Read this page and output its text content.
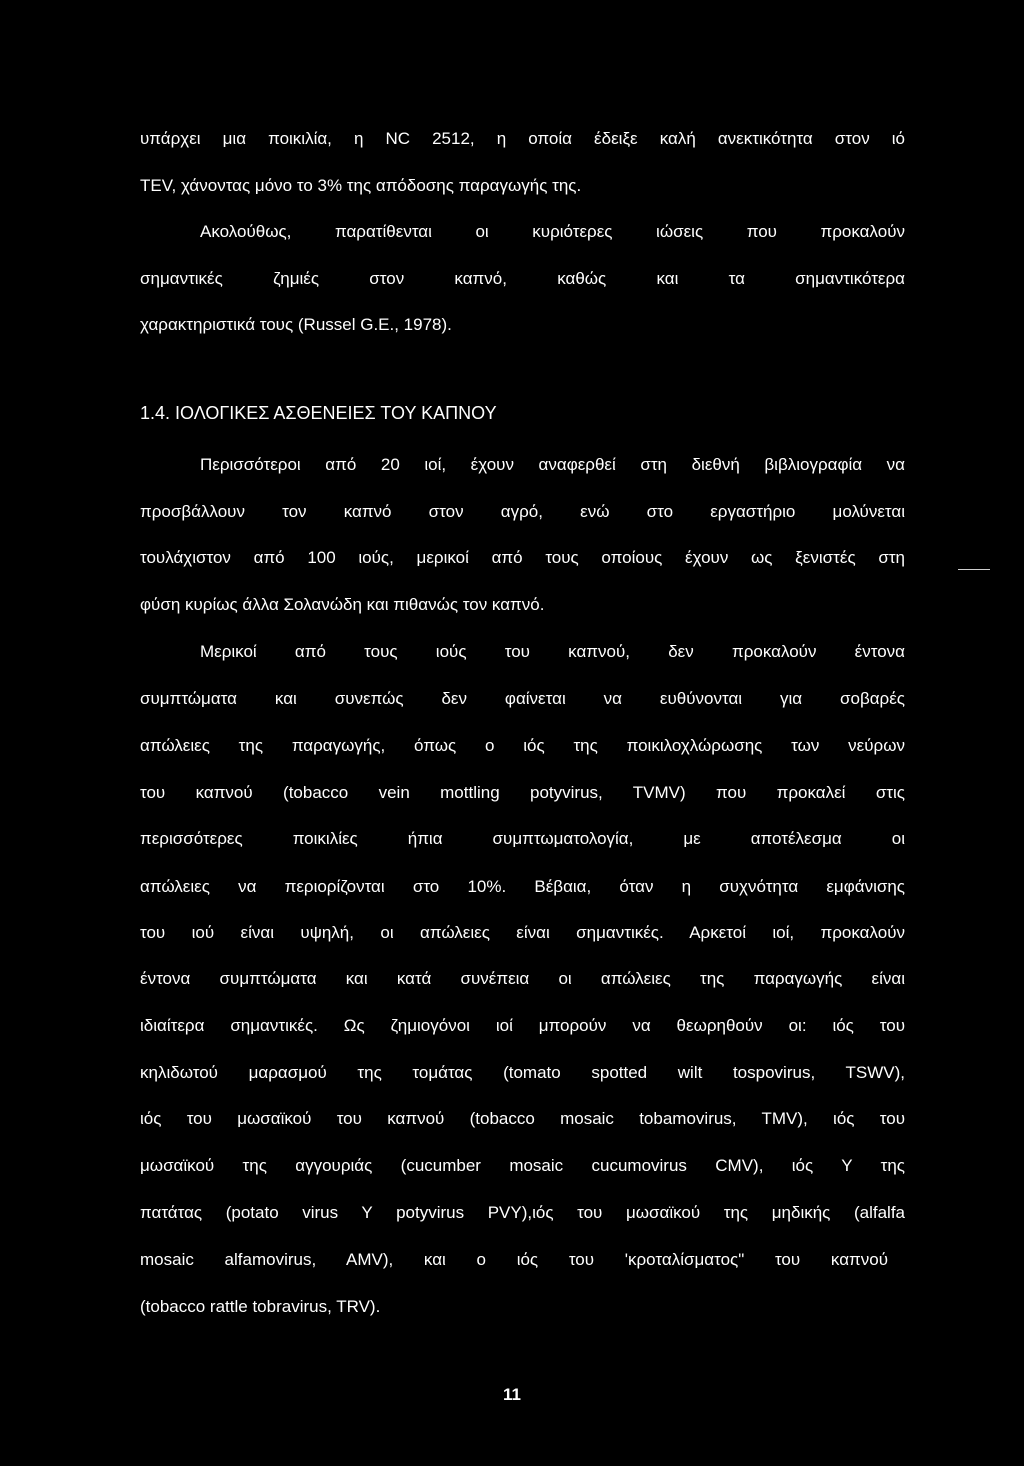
υπάρχει μια ποικιλία, η NC 2512, η οποία έδειξε καλή ανεκτικότητα στον ιό
TEV, χάνοντας μόνο το 3% της απόδοσης παραγωγής της.
Ακολούθως, παρατίθενται οι κυριότερες ιώσεις που προκαλούν
σημαντικές ζημιές στον καπνό, καθώς και τα σημαντικότερα
χαρακτηριστικά τους (Russel G.E., 1978).
1.4. ΙΟΛΟΓΙΚΕΣ ΑΣΘΕΝΕΙΕΣ ΤΟΥ ΚΑΠΝΟΥ
Περισσότεροι από 20 ιοί, έχουν αναφερθεί στη διεθνή βιβλιογραφία να
προσβάλλουν τον καπνό στον αγρό, ενώ στο εργαστήριο μολύνεται
τουλάχιστον από 100 ιούς, μερικοί από τους οποίους έχουν ως ξενιστές στη
φύση κυρίως άλλα Σολανώδη και πιθανώς τον καπνό.
Μερικοί από τους ιούς του καπνού, δεν προκαλούν έντονα
συμπτώματα και συνεπώς δεν φαίνεται να ευθύνονται για σοβαρές
απώλειες της παραγωγής, όπως ο ιός της ποικιλοχλώρωσης των νεύρων
του καπνού (tobacco vein mottling potyvirus, TVMV) που προκαλεί στις
περισσότερες ποικιλίες ήπια συμπτωματολογία, με αποτέλεσμα οι
απώλειες να περιορίζονται στο 10%. Βέβαια, όταν η συχνότητα εμφάνισης
του ιού είναι υψηλή, οι απώλειες είναι σημαντικές. Αρκετοί ιοί, προκαλούν
έντονα συμπτώματα και κατά συνέπεια οι απώλειες της παραγωγής είναι
ιδιαίτερα σημαντικές. Ως ζημιογόνοι ιοί μπορούν να θεωρηθούν οι: ιός του
κηλιδωτού μαρασμού της τομάτας (tomato spotted wilt tospovirus, TSWV),
ιός του μωσαϊκού του καπνού (tobacco mosaic tobamovirus, TMV), ιός του
μωσαϊκού της αγγουριάς (cucumber mosaic cucumovirus CMV), ιός Υ της
πατάτας (potato virus Y potyvirus PVY),ιός του μωσαϊκού της μηδικής (alfalfa
mosaic alfamovirus, AMV), και ο ιός του 'κροταλίσματος" του καπνού
(tobacco rattle tobravirus, TRV).
11
